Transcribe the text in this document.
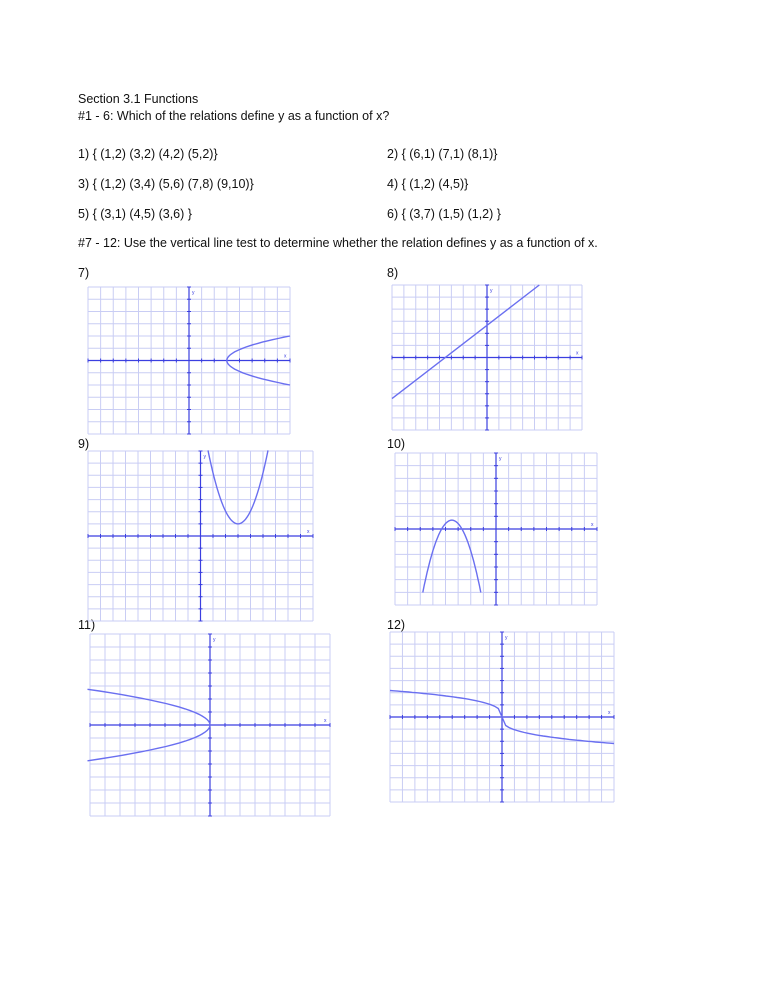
Section 3.1 Functions
#1 - 6: Which of the relations define y as a function of x?
1) { (1,2) (3,2) (4,2) (5,2)}	2) { (6,1) (7,1) (8,1)}
3) { (1,2) (3,4) (5,6) (7,8) (9,10)}	4) { (1,2) (4,5)}
5) { (3,1) (4,5) (3,6) }	6) { (3,7) (1,5) (1,2) }
#7 - 12: Use the vertical line test to determine whether the relation defines y as a function of x.
7)	8)
9)	10)
11)	12)
x
y
x
y
x
y
x
y
x
y
x
y
